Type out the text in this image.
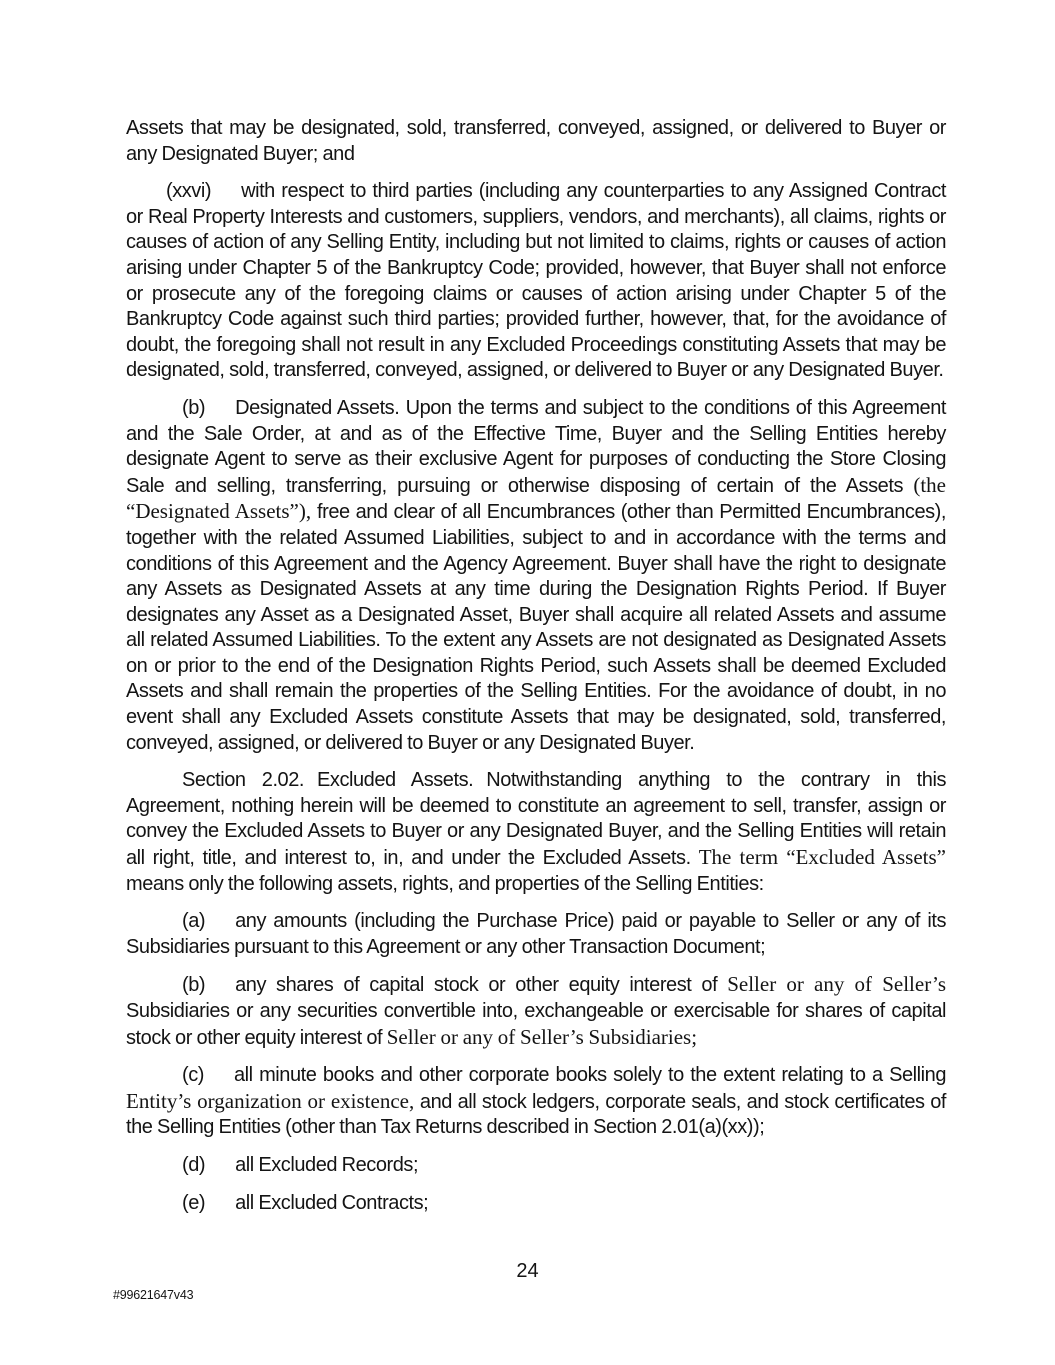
Assets that may be designated, sold, transferred, conveyed, assigned, or delivered to Buyer or any Designated Buyer; and

(xxvi) with respect to third parties (including any counterparties to any Assigned Contract or Real Property Interests and customers, suppliers, vendors, and merchants), all claims, rights or causes of action of any Selling Entity, including but not limited to claims, rights or causes of action arising under Chapter 5 of the Bankruptcy Code; provided, however, that Buyer shall not enforce or prosecute any of the foregoing claims or causes of action arising under Chapter 5 of the Bankruptcy Code against such third parties; provided further, however, that, for the avoidance of doubt, the foregoing shall not result in any Excluded Proceedings constituting Assets that may be designated, sold, transferred, conveyed, assigned, or delivered to Buyer or any Designated Buyer.

(b) Designated Assets. Upon the terms and subject to the conditions of this Agreement and the Sale Order, at and as of the Effective Time, Buyer and the Selling Entities hereby designate Agent to serve as their exclusive Agent for purposes of conducting the Store Closing Sale and selling, transferring, pursuing or otherwise disposing of certain of the Assets (the “Designated Assets”), free and clear of all Encumbrances (other than Permitted Encumbrances), together with the related Assumed Liabilities, subject to and in accordance with the terms and conditions of this Agreement and the Agency Agreement. Buyer shall have the right to designate any Assets as Designated Assets at any time during the Designation Rights Period. If Buyer designates any Asset as a Designated Asset, Buyer shall acquire all related Assets and assume all related Assumed Liabilities. To the extent any Assets are not designated as Designated Assets on or prior to the end of the Designation Rights Period, such Assets shall be deemed Excluded Assets and shall remain the properties of the Selling Entities. For the avoidance of doubt, in no event shall any Excluded Assets constitute Assets that may be designated, sold, transferred, conveyed, assigned, or delivered to Buyer or any Designated Buyer.

Section 2.02. Excluded Assets. Notwithstanding anything to the contrary in this Agreement, nothing herein will be deemed to constitute an agreement to sell, transfer, assign or convey the Excluded Assets to Buyer or any Designated Buyer, and the Selling Entities will retain all right, title, and interest to, in, and under the Excluded Assets. The term “Excluded Assets” means only the following assets, rights, and properties of the Selling Entities:

(a) any amounts (including the Purchase Price) paid or payable to Seller or any of its Subsidiaries pursuant to this Agreement or any other Transaction Document;

(b) any shares of capital stock or other equity interest of Seller or any of Seller’s Subsidiaries or any securities convertible into, exchangeable or exercisable for shares of capital stock or other equity interest of Seller or any of Seller’s Subsidiaries;

(c) all minute books and other corporate books solely to the extent relating to a Selling Entity’s organization or existence, and all stock ledgers, corporate seals, and stock certificates of the Selling Entities (other than Tax Returns described in Section 2.01(a)(xx));

(d) all Excluded Records;

(e) all Excluded Contracts;

24
#99621647v43
